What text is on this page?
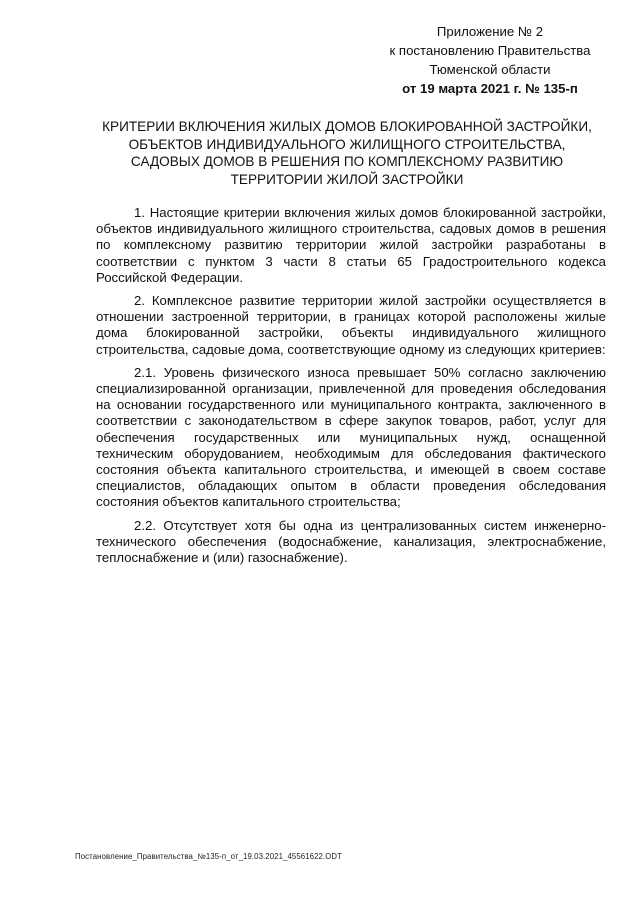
Приложение № 2
к постановлению Правительства
Тюменской области
от 19 марта 2021 г. № 135-п
КРИТЕРИИ ВКЛЮЧЕНИЯ ЖИЛЫХ ДОМОВ БЛОКИРОВАННОЙ ЗАСТРОЙКИ, ОБЪЕКТОВ ИНДИВИДУАЛЬНОГО ЖИЛИЩНОГО СТРОИТЕЛЬСТВА, САДОВЫХ ДОМОВ В РЕШЕНИЯ ПО КОМПЛЕКСНОМУ РАЗВИТИЮ ТЕРРИТОРИИ ЖИЛОЙ ЗАСТРОЙКИ

1. Настоящие критерии включения жилых домов блокированной застройки, объектов индивидуального жилищного строительства, садовых домов в решения по комплексному развитию территории жилой застройки разработаны в соответствии с пунктом 3 части 8 статьи 65 Градостроительного кодекса Российской Федерации.

2. Комплексное развитие территории жилой застройки осуществляется в отношении застроенной территории, в границах которой расположены жилые дома блокированной застройки, объекты индивидуального жилищного строительства, садовые дома, соответствующие одному из следующих критериев:

2.1. Уровень физического износа превышает 50% согласно заключению специализированной организации, привлеченной для проведения обследования на основании государственного или муниципального контракта, заключенного в соответствии с законодательством в сфере закупок товаров, работ, услуг для обеспечения государственных или муниципальных нужд, оснащенной техническим оборудованием, необходимым для обследования фактического состояния объекта капитального строительства, и имеющей в своем составе специалистов, обладающих опытом в области проведения обследования состояния объектов капитального строительства;

2.2. Отсутствует хотя бы одна из централизованных систем инженерно-технического обеспечения (водоснабжение, канализация, электроснабжение, теплоснабжение и (или) газоснабжение).

Постановление_Правительства_№135-п_от_19.03.2021_45561622.ODT
